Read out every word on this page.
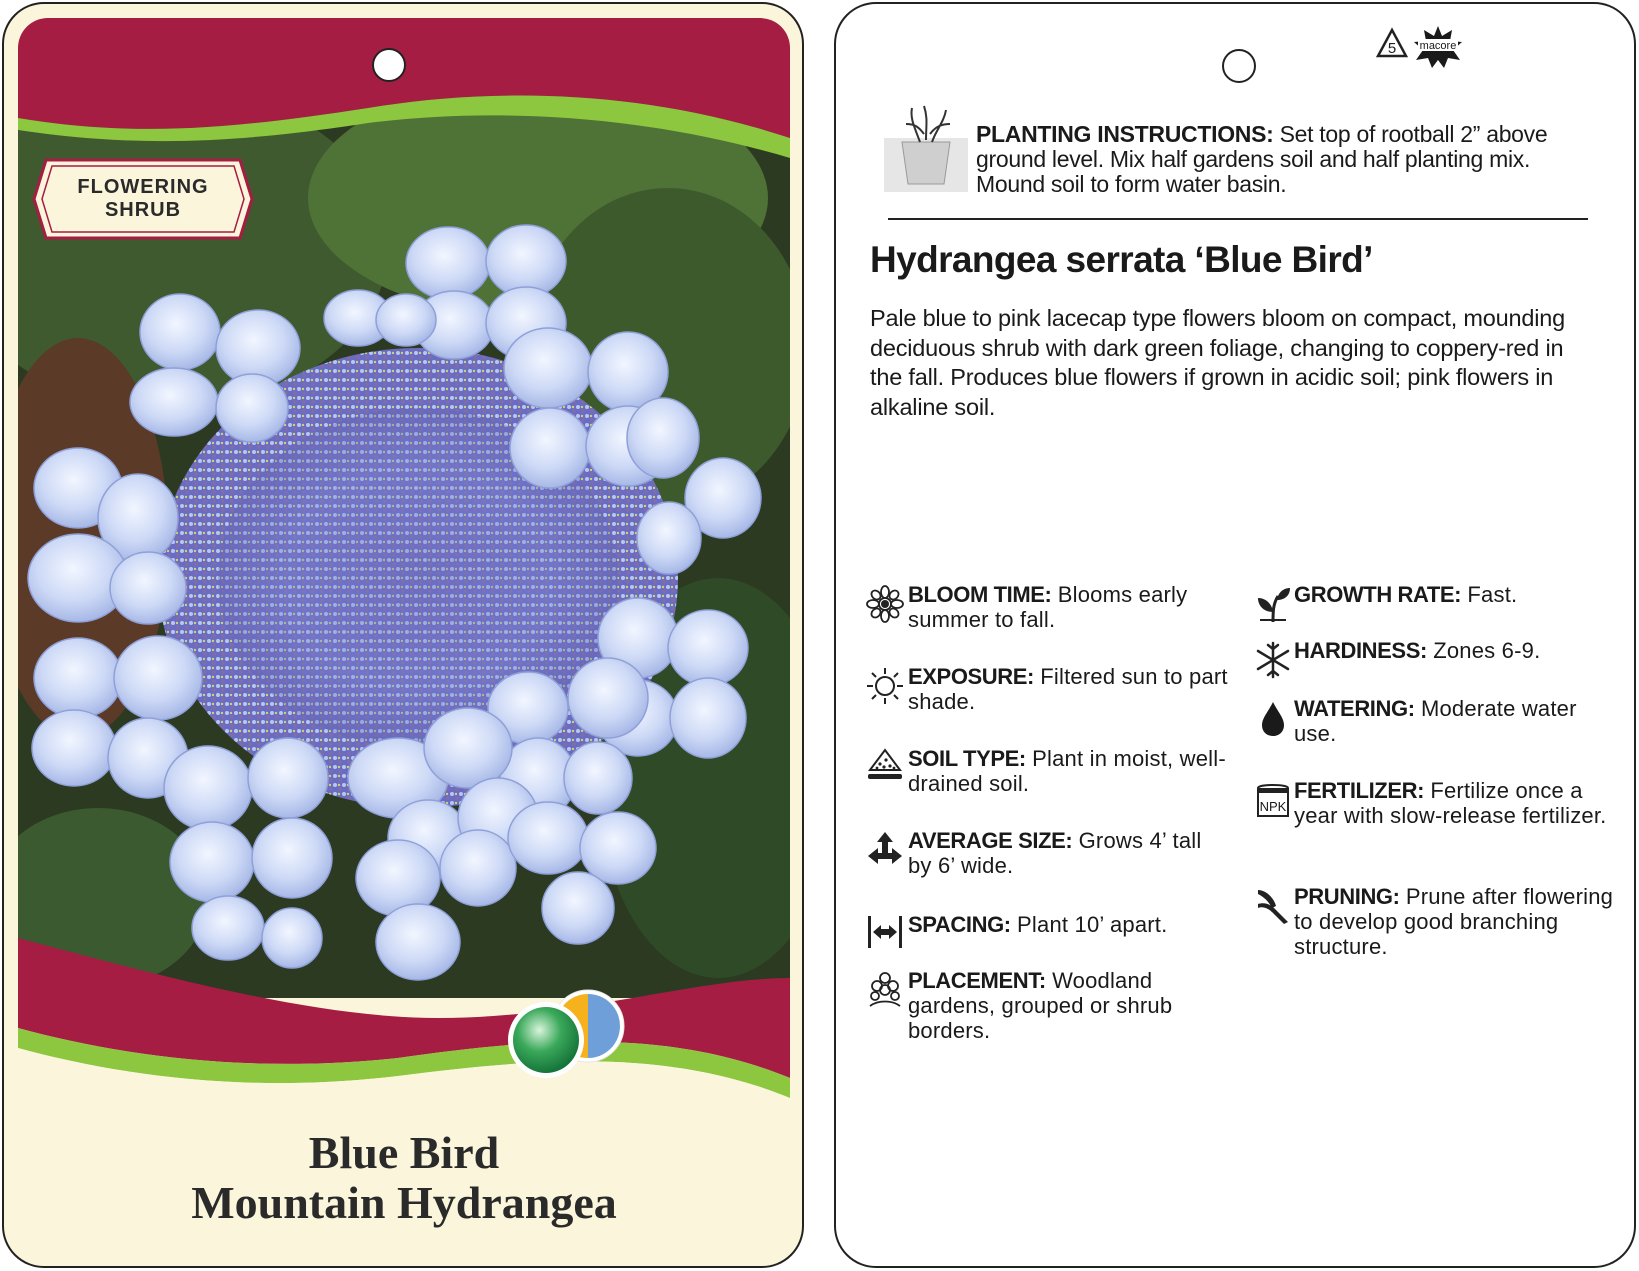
FLOWERING
SHRUB
Blue Bird
Mountain Hydrangea
5 macore
PLANTING INSTRUCTIONS: Set top of rootball 2” above ground level. Mix half gardens soil and half planting mix. Mound soil to form water basin.
Hydrangea serrata ‘Blue Bird’
Pale blue to pink lacecap type flowers bloom on compact, mounding deciduous shrub with dark green foliage, changing to coppery-red in the fall. Produces blue flowers if grown in acidic soil; pink flowers in alkaline soil.
BLOOM TIME: Blooms early summer to fall.
EXPOSURE: Filtered sun to part shade.
SOIL TYPE: Plant in moist, well-drained soil.
AVERAGE SIZE: Grows 4’ tall by 6’ wide.
SPACING: Plant 10’ apart.
PLACEMENT: Woodland gardens, grouped or shrub borders.
GROWTH RATE: Fast.
HARDINESS: Zones 6-9.
WATERING: Moderate water use.
NPK
FERTILIZER: Fertilize once a year with slow-release fertilizer.
PRUNING: Prune after flowering to develop good branching structure.
